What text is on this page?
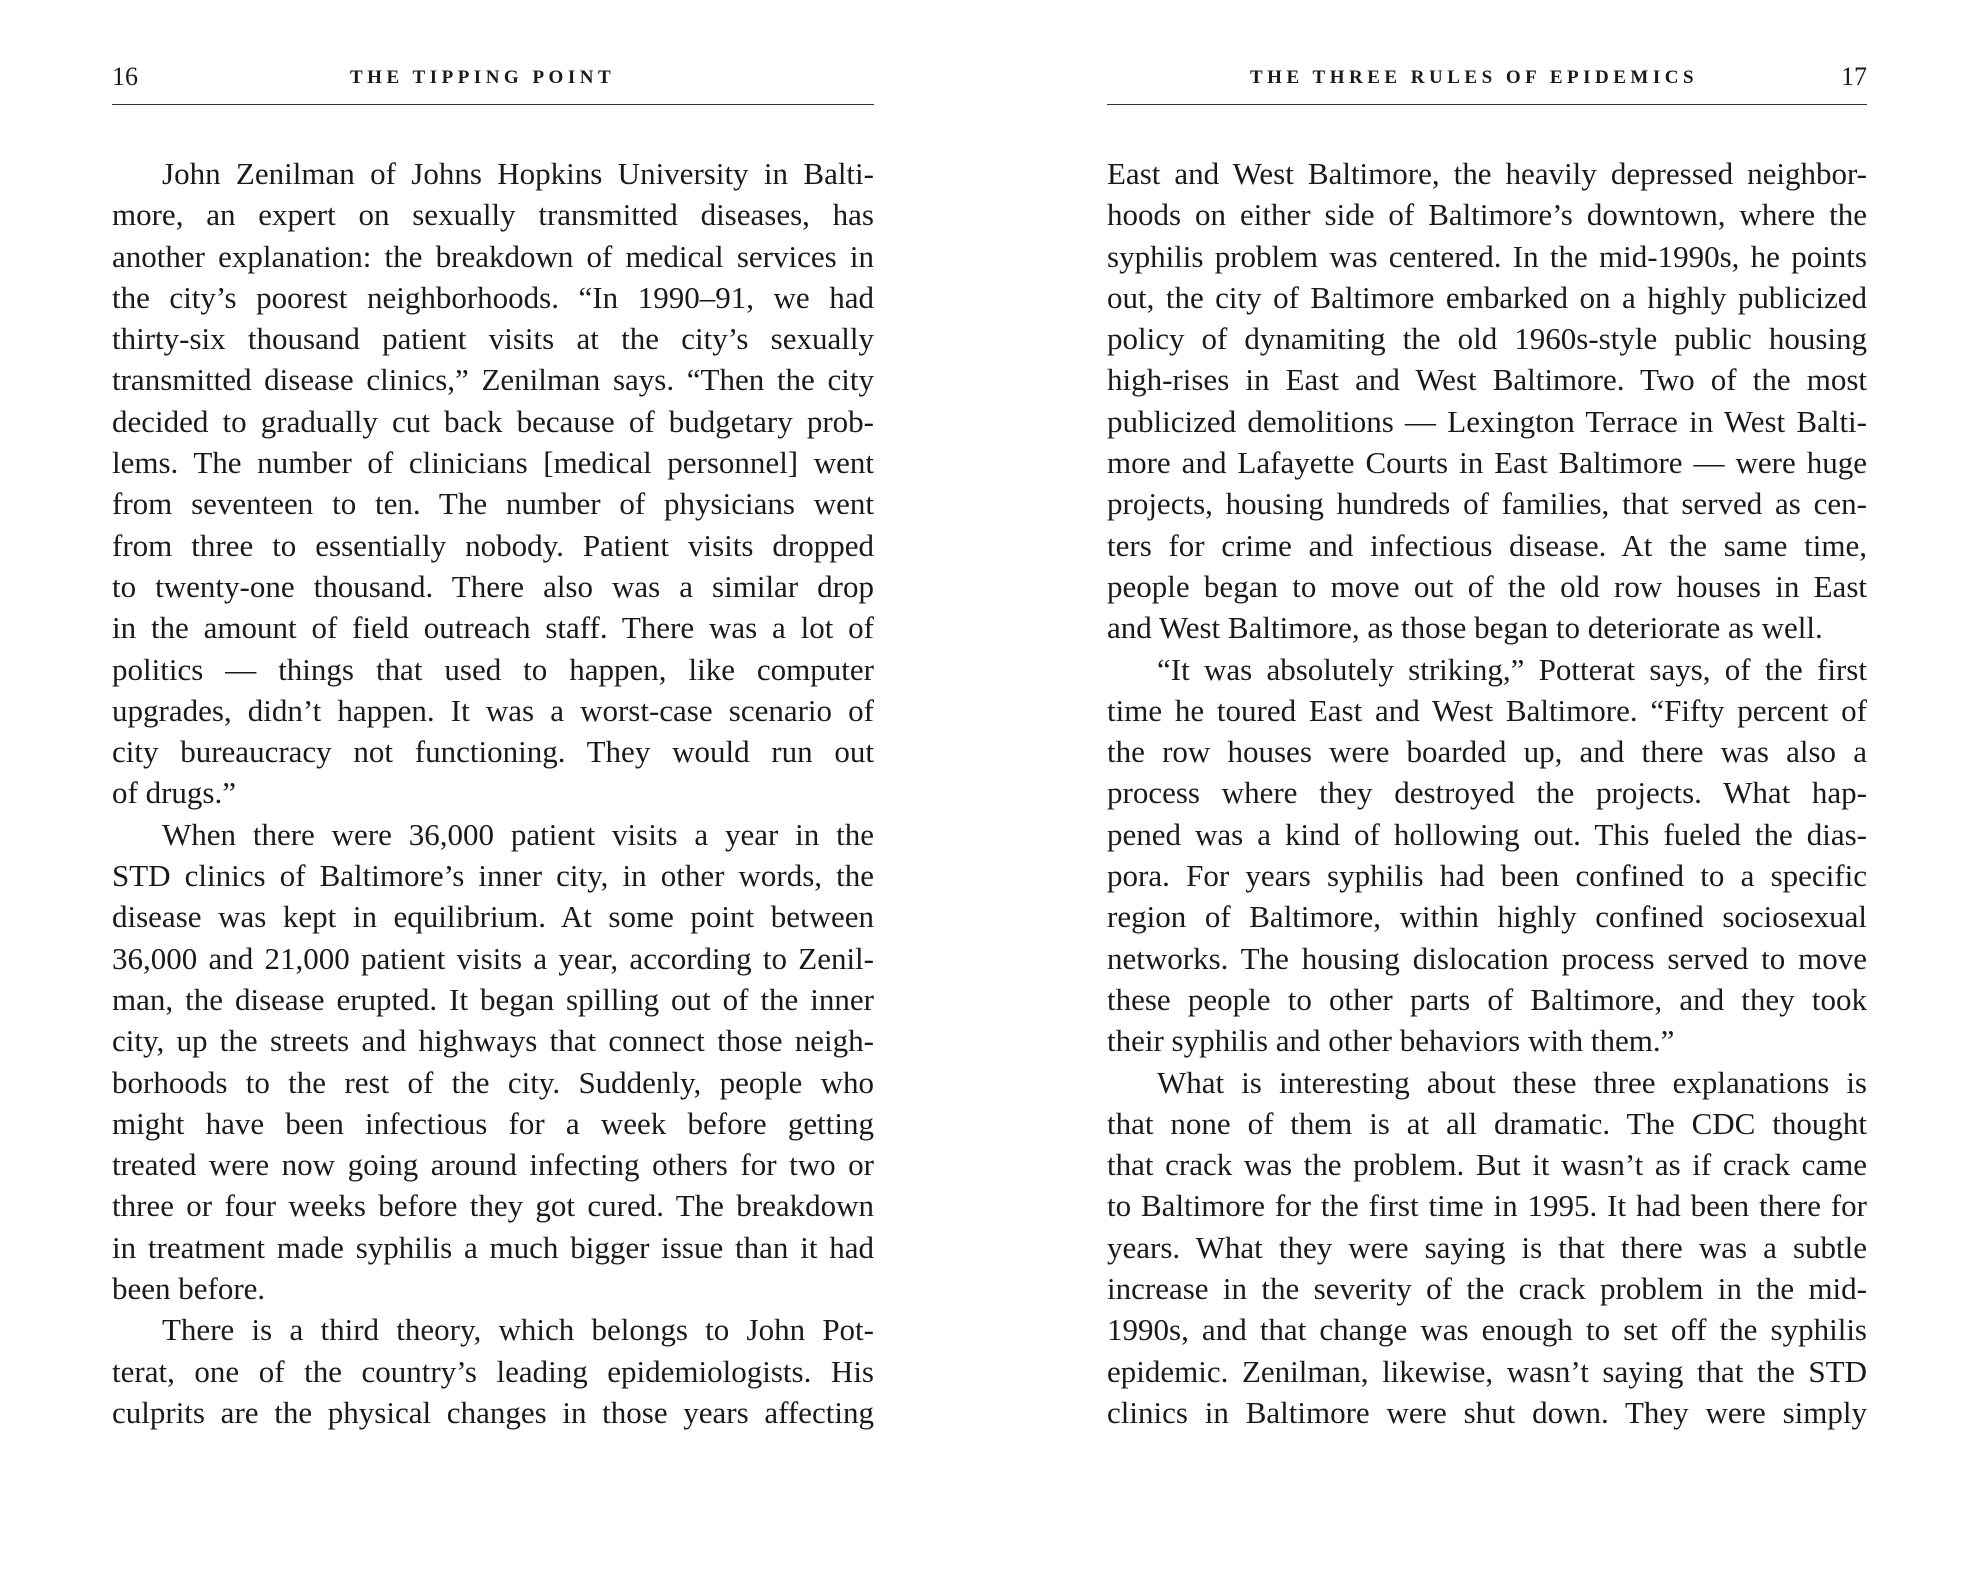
16	THE TIPPING POINT
John Zenilman of Johns Hopkins University in Balti-
more, an expert on sexually transmitted diseases, has
another explanation: the breakdown of medical services in
the city’s poorest neighborhoods. “In 1990–91, we had
thirty-six thousand patient visits at the city’s sexually
transmitted disease clinics,” Zenilman says. “Then the city
decided to gradually cut back because of budgetary prob-
lems. The number of clinicians [medical personnel] went
from seventeen to ten. The number of physicians went
from three to essentially nobody. Patient visits dropped
to twenty-one thousand. There also was a similar drop
in the amount of field outreach staff. There was a lot of
politics — things that used to happen, like computer
upgrades, didn’t happen. It was a worst-case scenario of
city bureaucracy not functioning. They would run out
of drugs.”
When there were 36,000 patient visits a year in the
STD clinics of Baltimore’s inner city, in other words, the
disease was kept in equilibrium. At some point between
36,000 and 21,000 patient visits a year, according to Zenil-
man, the disease erupted. It began spilling out of the inner
city, up the streets and highways that connect those neigh-
borhoods to the rest of the city. Suddenly, people who
might have been infectious for a week before getting
treated were now going around infecting others for two or
three or four weeks before they got cured. The breakdown
in treatment made syphilis a much bigger issue than it had
been before.
There is a third theory, which belongs to John Pot-
terat, one of the country’s leading epidemiologists. His
culprits are the physical changes in those years affecting
THE THREE RULES OF EPIDEMICS	17
East and West Baltimore, the heavily depressed neighbor-
hoods on either side of Baltimore’s downtown, where the
syphilis problem was centered. In the mid-1990s, he points
out, the city of Baltimore embarked on a highly publicized
policy of dynamiting the old 1960s-style public housing
high-rises in East and West Baltimore. Two of the most
publicized demolitions — Lexington Terrace in West Balti-
more and Lafayette Courts in East Baltimore — were huge
projects, housing hundreds of families, that served as cen-
ters for crime and infectious disease. At the same time,
people began to move out of the old row houses in East
and West Baltimore, as those began to deteriorate as well.
“It was absolutely striking,” Potterat says, of the first
time he toured East and West Baltimore. “Fifty percent of
the row houses were boarded up, and there was also a
process where they destroyed the projects. What hap-
pened was a kind of hollowing out. This fueled the dias-
pora. For years syphilis had been confined to a specific
region of Baltimore, within highly confined sociosexual
networks. The housing dislocation process served to move
these people to other parts of Baltimore, and they took
their syphilis and other behaviors with them.”
What is interesting about these three explanations is
that none of them is at all dramatic. The CDC thought
that crack was the problem. But it wasn’t as if crack came
to Baltimore for the first time in 1995. It had been there for
years. What they were saying is that there was a subtle
increase in the severity of the crack problem in the mid-
1990s, and that change was enough to set off the syphilis
epidemic. Zenilman, likewise, wasn’t saying that the STD
clinics in Baltimore were shut down. They were simply
